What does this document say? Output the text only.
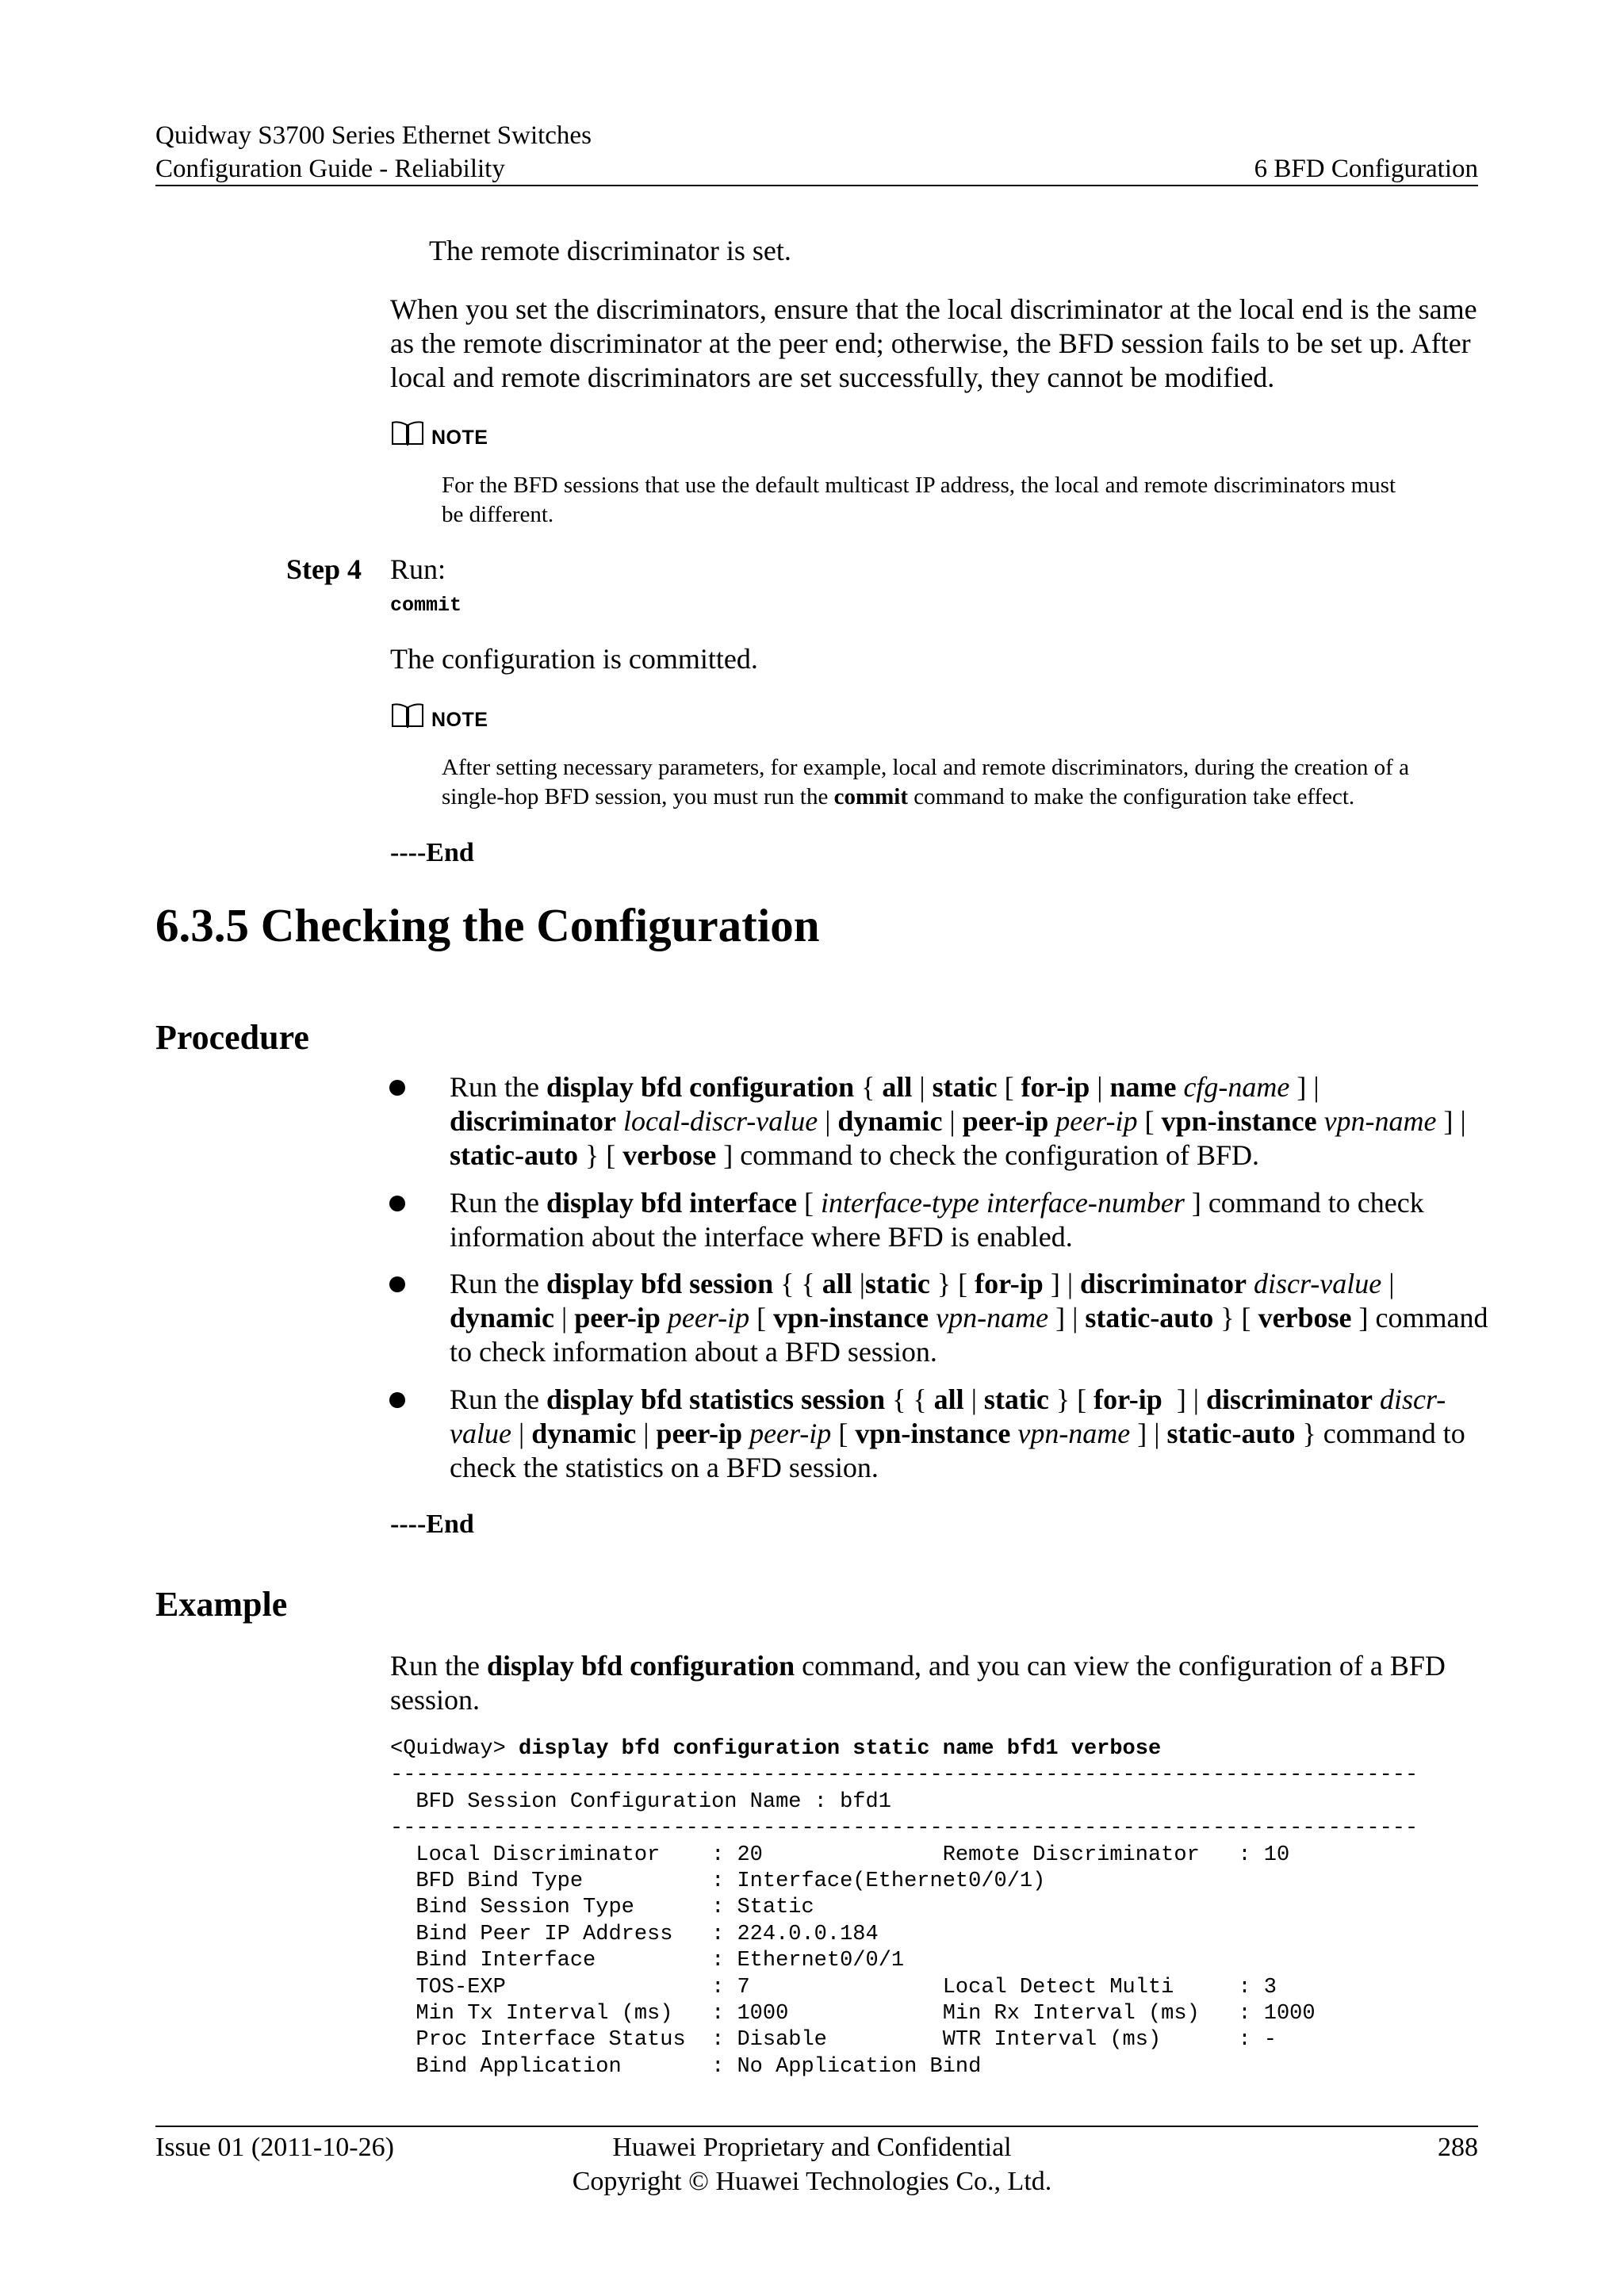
Quidway S3700 Series Ethernet Switches
Configuration Guide - Reliability	6 BFD Configuration
The remote discriminator is set.
When you set the discriminators, ensure that the local discriminator at the local end is the same
as the remote discriminator at the peer end; otherwise, the BFD session fails to be set up. After
local and remote discriminators are set successfully, they cannot be modified.
NOTE
For the BFD sessions that use the default multicast IP address, the local and remote discriminators must
be different.
Step 4 Run:
commit
The configuration is committed.
NOTE
After setting necessary parameters, for example, local and remote discriminators, during the creation of a
single-hop BFD session, you must run the commit command to make the configuration take effect.
----End
6.3.5 Checking the Configuration
Procedure
Run the display bfd configuration { all | static [ for-ip | name cfg-name ] |
discriminator local-discr-value | dynamic | peer-ip peer-ip [ vpn-instance vpn-name ] |
static-auto } [ verbose ] command to check the configuration of BFD.
Run the display bfd interface [ interface-type interface-number ] command to check
information about the interface where BFD is enabled.
Run the display bfd session { { all |static } [ for-ip ] | discriminator discr-value |
dynamic | peer-ip peer-ip [ vpn-instance vpn-name ] | static-auto } [ verbose ] command
to check information about a BFD session.
Run the display bfd statistics session { { all | static } [ for-ip  ] | discriminator discr-
value | dynamic | peer-ip peer-ip [ vpn-instance vpn-name ] | static-auto } command to
check the statistics on a BFD session.
----End
Example
Run the display bfd configuration command, and you can view the configuration of a BFD
session.
<Quidway> display bfd configuration static name bfd1 verbose
--------------------------------------------------------------------------------
BFD Session Configuration Name : bfd1
--------------------------------------------------------------------------------
Local Discriminator    : 20              Remote Discriminator   : 10
BFD Bind Type          : Interface(Ethernet0/0/1)
Bind Session Type      : Static
Bind Peer IP Address   : 224.0.0.184
Bind Interface         : Ethernet0/0/1
TOS-EXP                : 7               Local Detect Multi     : 3
Min Tx Interval (ms)   : 1000            Min Rx Interval (ms)   : 1000
Proc Interface Status  : Disable         WTR Interval (ms)      : -
Bind Application       : No Application Bind
Issue 01 (2011-10-26)	Huawei Proprietary and Confidential
Copyright © Huawei Technologies Co., Ltd.
288
